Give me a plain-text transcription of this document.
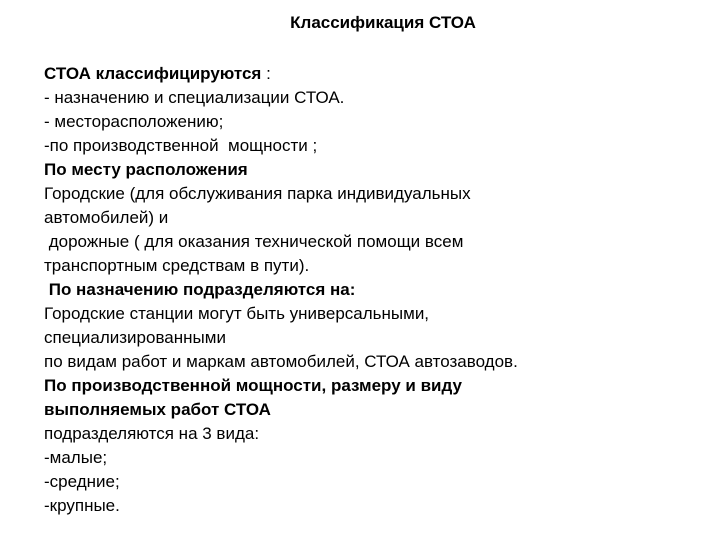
Классификация СТОА
СТОА классифицируются :
- назначению и специализации СТОА.
- месторасположению;
-по производственной  мощности ;
По месту расположения
Городские (для обслуживания парка индивидуальных
автомобилей) и
дорожные ( для оказания технической помощи всем
транспортным средствам в пути).
По назначению подразделяются на:
Городские станции могут быть универсальными,
специализированными
по видам работ и маркам автомобилей, СТОА автозаводов.
По производственной мощности, размеру и виду
выполняемых работ СТОА
подразделяются на 3 вида:
-малые;
-средние;
-крупные.
